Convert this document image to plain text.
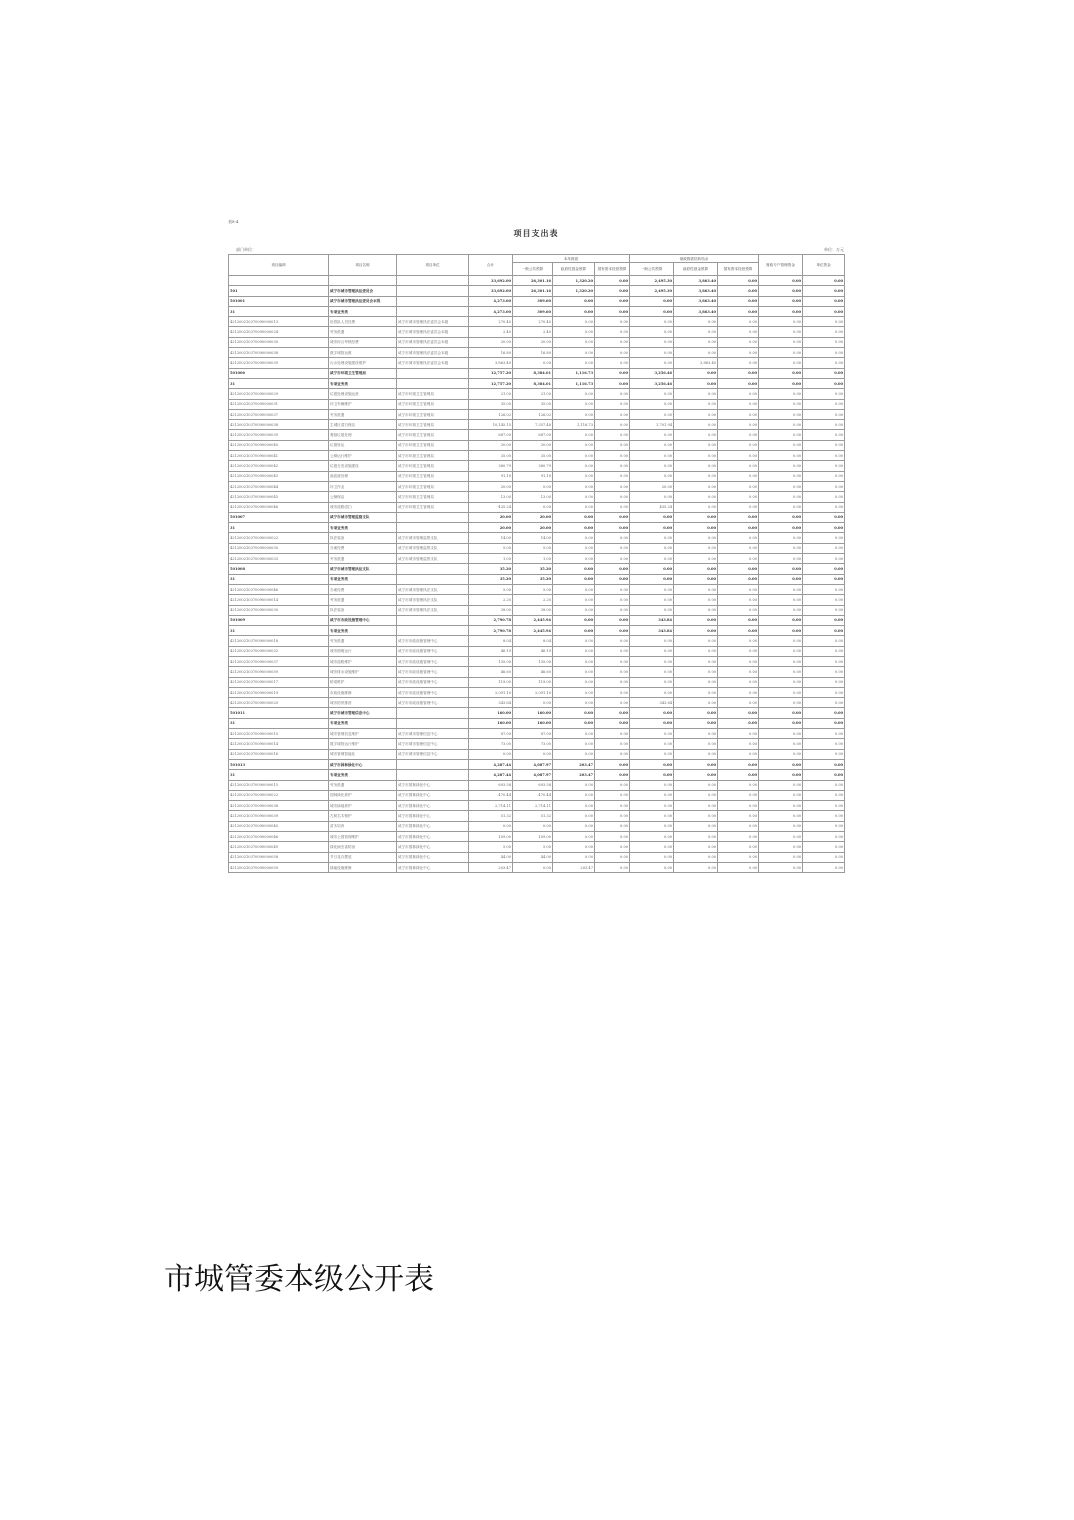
表8-4
项目支出表
部门单位：	单位：万元
项目编码	项目名称	项目单位	合计	本年拨款			财政拨款结转结余			财政专户管理资金	单位资金
				一般公共预算	政府性基金预算	国有资本经营预算	一般公共预算	政府性基金预算	国有资本经营预算		
			33,692.00	26,301.16	1,320.20	0.00	2,495.30	3,863.40	0.00	0.00	0.00
501	咸宁市城市管理执法委员会		33,692.00	26,301.16	1,320.20	0.00	2,495.30	3,863.40	0.00	0.00	0.00
501001	咸宁市城市管理执法委员会本级		4,273.00	309.60	0.00	0.00	0.00	3,863.40	0.00	0.00	0.00
31	专项业务类		4,273.00	309.60	0.00	0.00	0.00	3,863.40	0.00	0.00	0.00
421200210370090000013	协管队人员经费	咸宁市城市管理执法委员会本级	270.40	270.40	0.00	0.00	0.00	0.00	0.00	0.00	0.00
421200210370090000024	劳务派遣	咸宁市城市管理执法委员会本级	2.40	2.40	0.00	0.00	0.00	0.00	0.00	0.00	0.00
421200210370090000030	城市综合考核经费	咸宁市城市管理执法委员会本级	20.00	20.00	0.00	0.00	0.00	0.00	0.00	0.00	0.00
421200210370090000038	数字城管运维	咸宁市城市管理执法委员会本级	16.80	16.80	0.00	0.00	0.00	0.00	0.00	0.00	0.00
421200210370090000039	污水处理设施建设维护	咸宁市城市管理执法委员会本级	3,863.40	0.00	0.00	0.00	0.00	3,863.40	0.00	0.00	0.00
501006	咸宁市环境卫生管理局		12,757.20	8,384.01	1,116.73	0.00	3,256.46	0.00	0.00	0.00	0.00
31	专项业务类		12,757.20	8,384.01	1,116.73	0.00	3,256.46	0.00	0.00	0.00	0.00
421200210370090000029	垃圾处理设施运营	咸宁市环境卫生管理局	21.00	21.00	0.00	0.00	0.00	0.00	0.00	0.00	0.00
421200210370090000031	环卫车辆维护	咸宁市环境卫生管理局	35.00	35.00	0.00	0.00	0.00	0.00	0.00	0.00	0.00
421200210370090000037	劳务派遣	咸宁市环境卫生管理局	126.02	126.02	0.00	0.00	0.00	0.00	0.00	0.00	0.00
421200210370090000038	主城区清扫保洁	咸宁市环境卫生管理局	10,145.15	7,357.48	1,116.73	0.00	1,701.94	0.00	0.00	0.00	0.00
421200210370090000039	餐厨垃圾处理	咸宁市环境卫生管理局	687.00	687.00	0.00	0.00	0.00	0.00	0.00	0.00	0.00
421200210370090000040	垃圾转运	咸宁市环境卫生管理局	20.00	20.00	0.00	0.00	0.00	0.00	0.00	0.00	0.00
421200210370090000041	公厕运行维护	咸宁市环境卫生管理局	35.00	35.00	0.00	0.00	0.00	0.00	0.00	0.00	0.00
421200210370090000042	垃圾分类设施建设	咸宁市环境卫生管理局	360.79	360.79	0.00	0.00	0.00	0.00	0.00	0.00	0.00
421200210370090000043	渗滤液处理	咸宁市环境卫生管理局	91.10	91.10	0.00	0.00	0.00	0.00	0.00	0.00	0.00
421200210370090000044	环卫作业	咸宁市环境卫生管理局	20.00	0.00	0.00	0.00	20.00	0.00	0.00	0.00	0.00
421200210370090000045	公厕保洁	咸宁市环境卫生管理局	13.00	13.00	0.00	0.00	0.00	0.00	0.00	0.00	0.00
421200210370090000046	城市道路清扫	咸宁市环境卫生管理局	-435.24	0.00	0.00	0.00	435.24	0.00	0.00	0.00	0.00
501007	咸宁市城市管理监察支队		20.00	20.00	0.00	0.00	0.00	0.00	0.00	0.00	0.00
31	专项业务类		20.00	20.00	0.00	0.00	0.00	0.00	0.00	0.00	0.00
421200210370090000022	执法装备	咸宁市城市管理监察支队	14.00	14.00	0.00	0.00	0.00	0.00	0.00	0.00	0.00
421200210370090000030	办案经费	咸宁市城市管理监察支队	5.00	5.00	0.00	0.00	0.00	0.00	0.00	0.00	0.00
421200210370090000033	劳务派遣	咸宁市城市管理监察支队	1.00	1.00	0.00	0.00	0.00	0.00	0.00	0.00	0.00
501008	咸宁市城市管理执法支队		35.20	35.20	0.00	0.00	0.00	0.00	0.00	0.00	0.00
31	专项业务类		35.20	35.20	0.00	0.00	0.00	0.00	0.00	0.00	0.00
421200210370090000046	办案经费	咸宁市城市管理执法支队	5.00	5.00	0.00	0.00	0.00	0.00	0.00	0.00	0.00
421200210370090000014	劳务派遣	咸宁市城市管理执法支队	2.20	2.20	0.00	0.00	0.00	0.00	0.00	0.00	0.00
421200210370090000030	执法装备	咸宁市城市管理执法支队	28.00	28.00	0.00	0.00	0.00	0.00	0.00	0.00	0.00
501009	咸宁市市政设施管理中心		2,790.78	2,445.94	0.00	0.00	343.84	0.00	0.00	0.00	0.00
31	专项业务类		2,790.78	2,445.94	0.00	0.00	343.84	0.00	0.00	0.00	0.00
421200210370090000018	劳务派遣	咸宁市市政设施管理中心	8.04	8.04	0.00	0.00	0.00	0.00	0.00	0.00	0.00
421200210370090000032	城市照明运行	咸宁市市政设施管理中心	46.19	46.19	0.00	0.00	0.00	0.00	0.00	0.00	0.00
421200210370090000037	城市道路维护	咸宁市市政设施管理中心	135.00	135.00	0.00	0.00	0.00	0.00	0.00	0.00	0.00
421200210370090000059	城市排水设施维护	咸宁市市政设施管理中心	46.60	46.60	0.00	0.00	0.00	0.00	0.00	0.00	0.00
421200210370090000017	桥梁维护	咸宁市市政设施管理中心	119.00	119.00	0.00	0.00	0.00	0.00	0.00	0.00	0.00
421200210370090000019	市政设施维修	咸宁市市政设施管理中心	2,091.10	2,091.10	0.00	0.00	0.00	0.00	0.00	0.00	0.00
421200210370090000020	城市防汛排涝	咸宁市市政设施管理中心	343.84	0.00	0.00	0.00	343.84	0.00	0.00	0.00	0.00
501011	咸宁市城市管理信息中心		160.00	160.00	0.00	0.00	0.00	0.00	0.00	0.00	0.00
31	专项业务类		160.00	160.00	0.00	0.00	0.00	0.00	0.00	0.00	0.00
421200210370090000010	城市管理信息维护	咸宁市城市管理信息中心	87.00	87.00	0.00	0.00	0.00	0.00	0.00	0.00	0.00
421200210370090000014	数字城管运行维护	咸宁市城市管理信息中心	73.00	73.00	0.00	0.00	0.00	0.00	0.00	0.00	0.00
421200210370090000016	城市管理智能化	咸宁市城市管理信息中心	0.00	0.00	0.00	0.00	0.00	0.00	0.00	0.00	0.00
501013	咸宁市园林绿化中心		4,287.44	4,087.97	203.47	0.00	0.00	0.00	0.00	0.00	0.00
31	专项业务类		4,287.44	4,087.97	203.47	0.00	0.00	0.00	0.00	0.00	0.00
421200210370090000015	劳务派遣	咸宁市园林绿化中心	693.58	693.58	0.00	0.00	0.00	0.00	0.00	0.00	0.00
421200210370090000022	园林绿化养护	咸宁市园林绿化中心	470.44	470.44	0.00	0.00	0.00	0.00	0.00	0.00	0.00
421200210370090000038	城市绿地养护	咸宁市园林绿化中心	2,714.11	2,714.11	0.00	0.00	0.00	0.00	0.00	0.00	0.00
421200210370090000039	古树名木保护	咸宁市园林绿化中心	51.32	51.32	0.00	0.00	0.00	0.00	0.00	0.00	0.00
421200210370090000040	苗木培育	咸宁市园林绿化中心	0.00	0.00	0.00	0.00	0.00	0.00	0.00	0.00	0.00
421200210370090000046	城市公园管理维护	咸宁市园林绿化中心	109.00	109.00	0.00	0.00	0.00	0.00	0.00	0.00	0.00
421200210370090000049	绿化病虫害防治	咸宁市园林绿化中心	5.00	5.00	0.00	0.00	0.00	0.00	0.00	0.00	0.00
421200210370090000058	节日花卉摆放	咸宁市园林绿化中心	44.00	44.00	0.00	0.00	0.00	0.00	0.00	0.00	0.00
421200210370090000059	绿地设施维修	咸宁市园林绿化中心	203.47	0.00	203.47	0.00	0.00	0.00	0.00	0.00	0.00
市城管委本级公开表
